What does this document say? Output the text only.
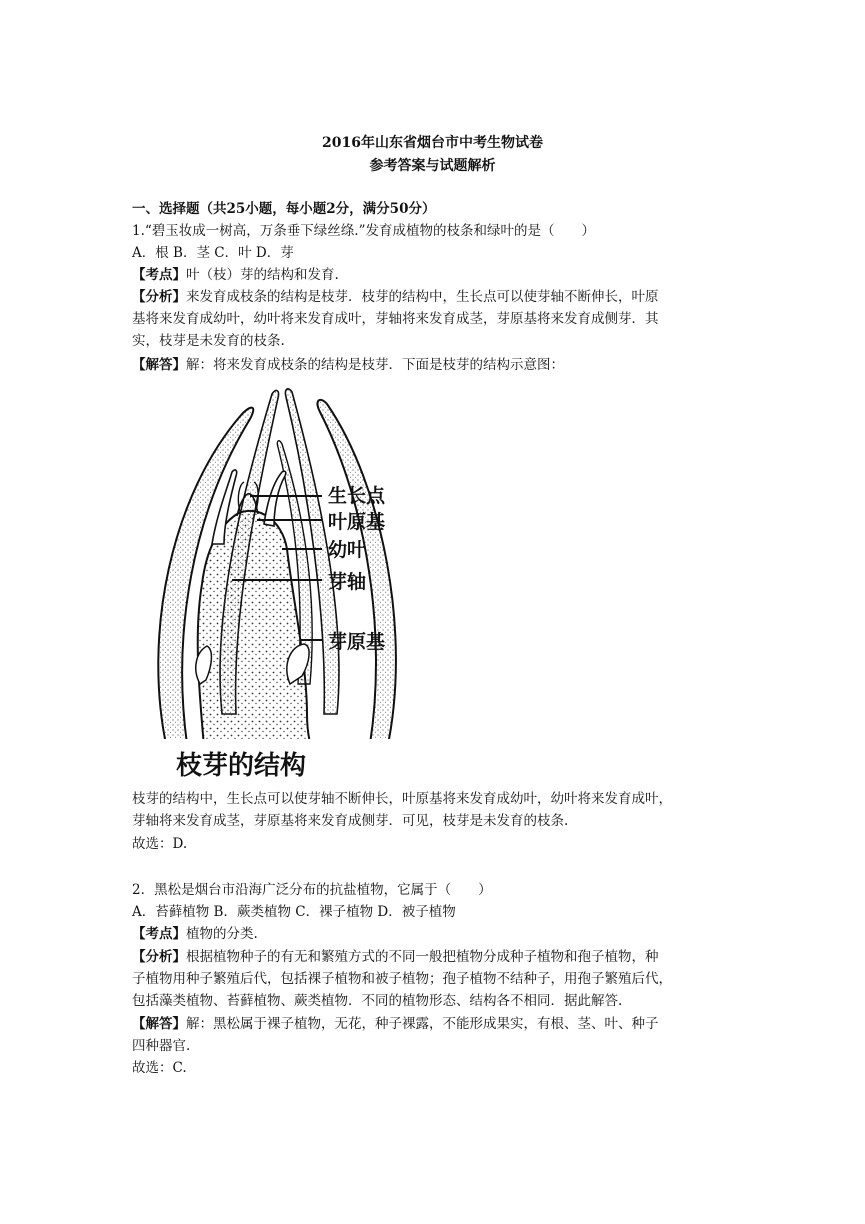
2016年山东省烟台市中考生物试卷
参考答案与试题解析
一、选择题（共25小题，每小题2分，满分50分）
1.“碧玉妆成一树高，万条垂下绿丝绦.”发育成植物的枝条和绿叶的是（　　）
A．根 B．茎 C．叶 D．芽
【考点】叶（枝）芽的结构和发育.
【分析】来发育成枝条的结构是枝芽．枝芽的结构中，生长点可以使芽轴不断伸长，叶原
基将来发育成幼叶，幼叶将来发育成叶，芽轴将来发育成茎，芽原基将来发育成侧芽．其
实，枝芽是未发育的枝条.
【解答】解：将来发育成枝条的结构是枝芽．下面是枝芽的结构示意图：
生长点
叶原基
幼叶
芽轴
芽原基
枝芽的结构
枝芽的结构中，生长点可以使芽轴不断伸长，叶原基将来发育成幼叶，幼叶将来发育成叶，
芽轴将来发育成茎，芽原基将来发育成侧芽．可见，枝芽是未发育的枝条.
故选：D.
2．黑松是烟台市沿海广泛分布的抗盐植物，它属于（　　）
A．苔藓植物 B．蕨类植物 C．裸子植物 D．被子植物
【考点】植物的分类.
【分析】根据植物种子的有无和繁殖方式的不同一般把植物分成种子植物和孢子植物，种
子植物用种子繁殖后代，包括裸子植物和被子植物；孢子植物不结种子，用孢子繁殖后代，
包括藻类植物、苔藓植物、蕨类植物．不同的植物形态、结构各不相同．据此解答.
【解答】解：黑松属于裸子植物，无花，种子裸露，不能形成果实，有根、茎、叶、种子
四种器官.
故选：C.
